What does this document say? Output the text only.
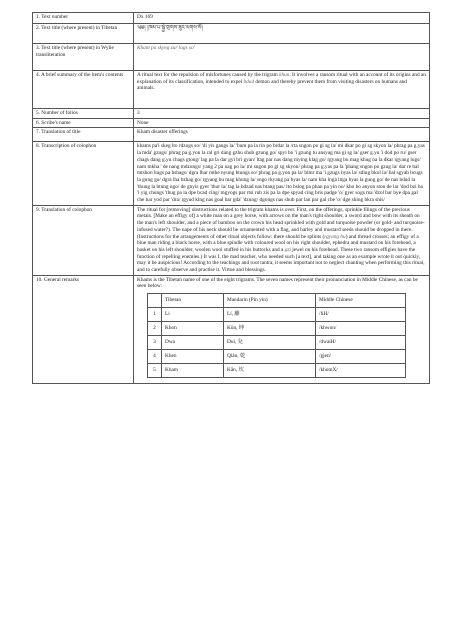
1. Text number	Dx 169
2. Text title (where present) in Tibetan	༄༅། །ཁམ་པ་སྐྱེ་གྲགས་ཟུར་ལགས་སོ།
3. Text title (where present) in Wylie transliteration	Kham pa skyeg zur lags so'
4. A brief summary of the item's contents	A ritual text for the repulsion of misfortunes caused by the trigram khun. It involves a ransom ritual with an account of its origins and an explanation of its classification, intended to expel bdud demon and thereby prevent them from visiting disasters on humans and animals.
5. Number of folios	3
6. Scribe's name	None
7. Translation of title	Kham disaster offerings
8. Transcription of colophon	khams pa'i skeg lto rdzogs so/ 'di yis gangs la/ 'bum pa la rin po brdar la /rta sngon po gi sg la/ mi dkar po gi sg skyon la/ phrag pa g.yas la mda' gzugs/ phrag pa g.yon la ral gri dang gzhu shub gzung go/ spyi bo 'i gzung tu ansyag ma gi sg la/ gser g.yu 'i dod po ru/ gser chags dang g.yu chags gtong/ lag pa la dar gyi bri gyan/ ltag par nas dang mying klag go/ rgyang bu mag khug na la dkar rgyang lugs/ nam mkha ' de nang mdzungs/ yang 2 pa nag po la/ mi sngon po gi sg skyon/ phrag pa g.yas pa la 'phang sngon po gzug la/ dar re bal mtshon ltags pa bshags/ dgra lhar mthe nyung btungs so/ phrag pa g.yon pa la/ blmr ma 'i gzugs byas la/ sding bkol la/ bal sgyab bcugs la gung go/ dgra lha bzhag go/ rgyang bu mag khung la/ sngo rkyang pa byas la/ nam kha lnga lnga byas la gung go/ de nas bdud la 'thung la btung ngo/ de gnyis gyer 'thur la/ tag la bdzad nas btang pas/ lto bslog pa phan pa yin no/ kho bo anyon ston de lar 'dod bzi ba 'i yig chungs 'thug pa la dpe bcad cing/ mgyogs par rtsi rub zis pa la dpe spyad cing bris padge 'o/ gyer sogs ma 'dzol bar bye dpa gal che bar yod par 'dra/ rgyud klng nas goal bar gda' 'dzung/ dgongs nas shub par lan par gal che 'o/ dge shing bkra shis/
9. Translation of colophon	The ritual for [removing] obstructions related to the trigram khams is over. First, on the offerings, sprinkle filings of the precious metals. [Make an effigy of] a white man on a grey horse, with arrows on the man's right shoulder, a sword and bow with its sheath on the man's left shoulder, and a piece of bamboo on the crown his head sprinkled with gold and turquoise powder (or gold- and turquoise-infused water?). The nape of his neck should be ornamented with a flag, and barley and mustard seeds should be dropped in there. (Instructions for the arrangements of other ritual objects follow: there should be splints (rgyang bu) and thread crosses; an effigy of a blue man riding a black horse, with a blue spindle with coloured wool on his right shoulder, ephedra and mustard on his forehead, a basket on his left shoulder, woolen wool stuffed in his buttocks and a gzi jewel on his forehead. These two ransom effigies have the function of repelling enemies.) It was I, the mad teacher, who needed such [a text], and taking one as an example wrote it out quickly, may it be auspicious! According to the teachings and root tantra, it seems important not to neglect chanting when performing this ritual, and to carefully observe and practise it. Virtue and blessings.
10. General remarks	Khams is the Tibetan name of one of the eight trigrams. The seven names represent their pronunciation in Middle Chinese, as can be seen below:
	Tibetan	Mandarin (Pin yin)	Middle Chinese
1	Li	Lí, 離	/liH/
2	Khon	Kūn, 坤	/khwon/
3	Dwa	Duì, 兌	/dwaiH/
4	Khen	Qián, 乾	/gjen/
5	Kham	Kǎn, 坎	/khomX/
